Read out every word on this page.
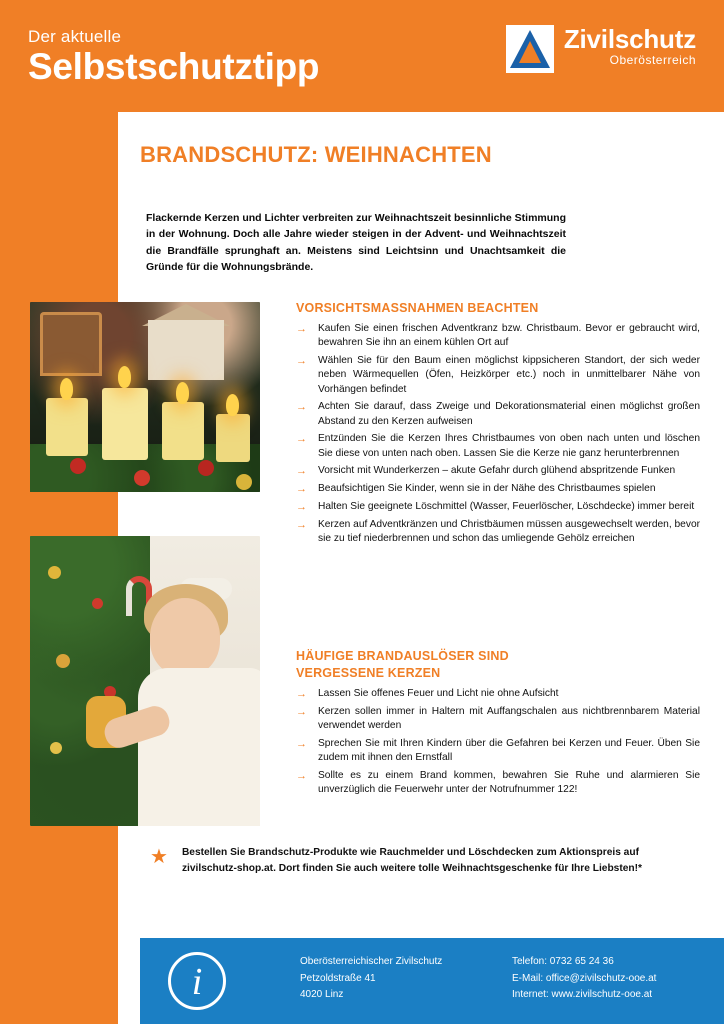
Der aktuelle
Selbstschutztipp
Zivilschutz
Oberösterreich
BRANDSCHUTZ: WEIHNACHTEN
Flackernde Kerzen und Lichter verbreiten zur Weihnachtszeit besinnliche Stimmung in der Wohnung. Doch alle Jahre wieder steigen in der Advent- und Weihnachtszeit die Brandfälle sprunghaft an. Meistens sind Leichtsinn und Unachtsamkeit die Gründe für die Wohnungsbrände.
VORSICHTSMASSNAHMEN BEACHTEN
→ Kaufen Sie einen frischen Adventkranz bzw. Christbaum. Bevor er gebraucht wird, bewahren Sie ihn an einem kühlen Ort auf
→ Wählen Sie für den Baum einen möglichst kippsicheren Standort, der sich weder neben Wärmequellen (Öfen, Heizkörper etc.) noch in unmittelbarer Nähe von Vorhängen befindet
→ Achten Sie darauf, dass Zweige und Dekorationsmaterial einen möglichst großen Abstand zu den Kerzen aufweisen
→ Entzünden Sie die Kerzen Ihres Christbaumes von oben nach unten und löschen Sie diese von unten nach oben. Lassen Sie die Kerze nie ganz herunterbrennen
→ Vorsicht mit Wunderkerzen – akute Gefahr durch glühend abspritzende Funken
→ Beaufsichtigen Sie Kinder, wenn sie in der Nähe des Christbaumes spielen
→ Halten Sie geeignete Löschmittel (Wasser, Feuerlöscher, Löschdecke) immer bereit
→ Kerzen auf Adventkränzen und Christbäumen müssen ausgewechselt werden, bevor sie zu tief niederbrennen und schon das umliegende Gehölz erreichen
HÄUFIGE BRANDAUSLÖSER SIND
VERGESSENE KERZEN
→ Lassen Sie offenes Feuer und Licht nie ohne Aufsicht
→ Kerzen sollen immer in Haltern mit Auffangschalen aus nichtbrennbarem Material verwendet werden
→ Sprechen Sie mit Ihren Kindern über die Gefahren bei Kerzen und Feuer. Üben Sie zudem mit ihnen den Ernstfall
→ Sollte es zu einem Brand kommen, bewahren Sie Ruhe und alarmieren Sie unverzüglich die Feuerwehr unter der Notrufnummer 122!
★ Bestellen Sie Brandschutz-Produkte wie Rauchmelder und Löschdecken zum Aktionspreis auf zivilschutz-shop.at. Dort finden Sie auch weitere tolle Weihnachtsgeschenke für Ihre Liebsten!*
i	Oberösterreichischer Zivilschutz
Petzoldstraße 41
4020 Linz
Telefon: 0732 65 24 36
E-Mail: office@zivilschutz-ooe.at
Internet: www.zivilschutz-ooe.at
